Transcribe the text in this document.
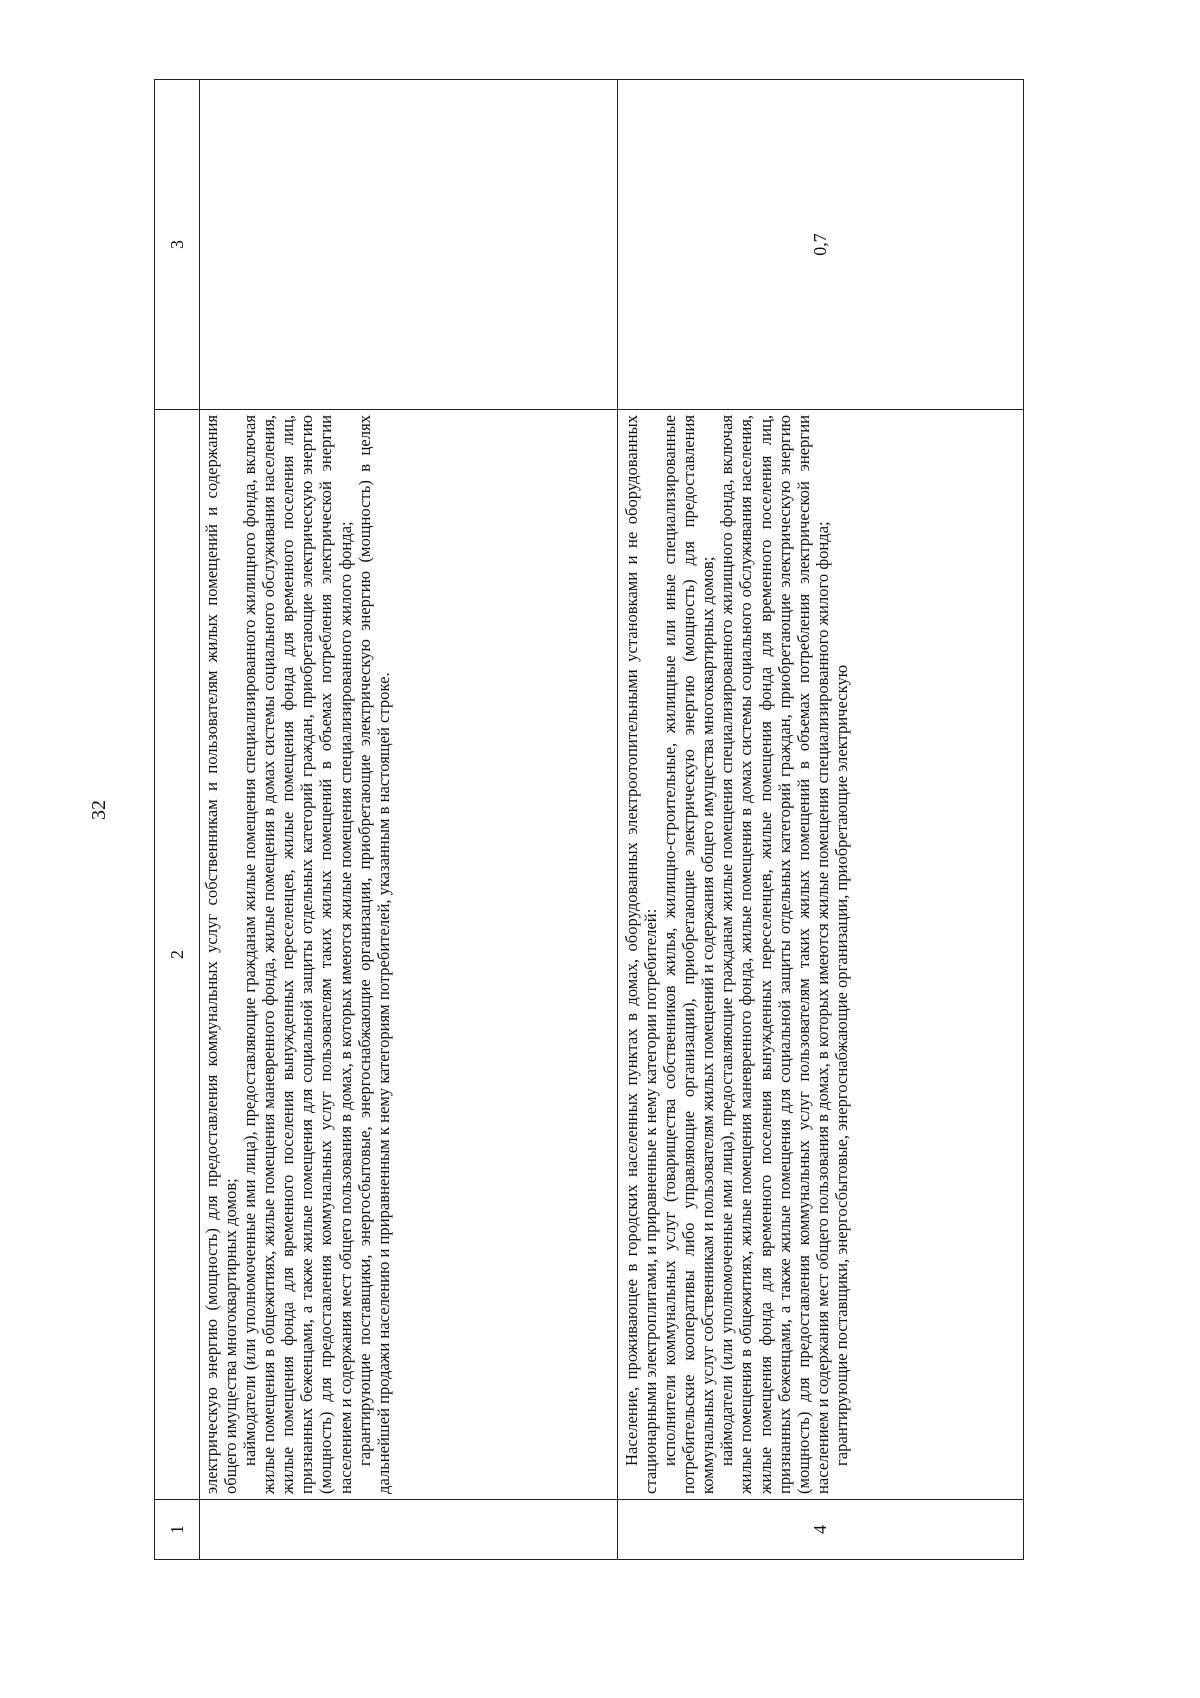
32
1	2	3

	электрическую энергию (мощность) для предоставления коммунальных услуг собственникам и пользователям жилых помещений и содержания общего имущества многоквартирных домов; наймодатели (или уполномоченные ими лица), предоставляющие гражданам жилые помещения специализированного жилищного фонда, включая жилые помещения в общежитиях, жилые помещения маневренного фонда, жилые помещения в домах системы социального обслуживания населения, жилые помещения фонда для временного поселения вынужденных переселенцев, жилые помещения фонда для временного поселения лиц, признанных беженцами, а также жилые помещения для социальной защиты отдельных категорий граждан, приобретающие электрическую энергию (мощность) для предоставления коммунальных услуг пользователям таких жилых помещений в объемах потребления электрической энергии населением и содержания мест общего пользования в домах, в которых имеются жилые помещения специализированного жилого фонда; гарантирующие поставщики, энергосбытовые, энергоснабжающие организации, приобретающие электрическую энергию (мощность) в целях дальнейшей продажи населению и приравненным к нему категориям потребителей, указанным в настоящей строке.	

4	Население, проживающее в городских населенных пунктах в домах, оборудованных электроотопительными установками и не оборудованных стационарными электроплитами, и приравненные к нему категории потребителей: исполнители коммунальных услуг (товарищества собственников жилья, жилищно-строительные, жилищные или иные специализированные потребительские кооперативы либо управляющие организации), приобретающие электрическую энергию (мощность) для предоставления коммунальных услуг собственникам и пользователям жилых помещений и содержания общего имущества многоквартирных домов; наймодатели (или уполномоченные ими лица), предоставляющие гражданам жилые помещения специализированного жилищного фонда, включая жилые помещения в общежитиях, жилые помещения маневренного фонда, жилые помещения в домах системы социального обслуживания населения, жилые помещения фонда для временного поселения вынужденных переселенцев, жилые помещения фонда для временного поселения лиц, признанных беженцами, а также жилые помещения для социальной защиты отдельных категорий граждан, приобретающие электрическую энергию (мощность) для предоставления коммунальных услуг пользователям таких жилых помещений в объемах потребления электрической энергии населением и содержания мест общего пользования в домах, в которых имеются жилые помещения специализированного жилого фонда; гарантирующие поставщики, энергосбытовые, энергоснабжающие организации, приобретающие электрическую	0,7
